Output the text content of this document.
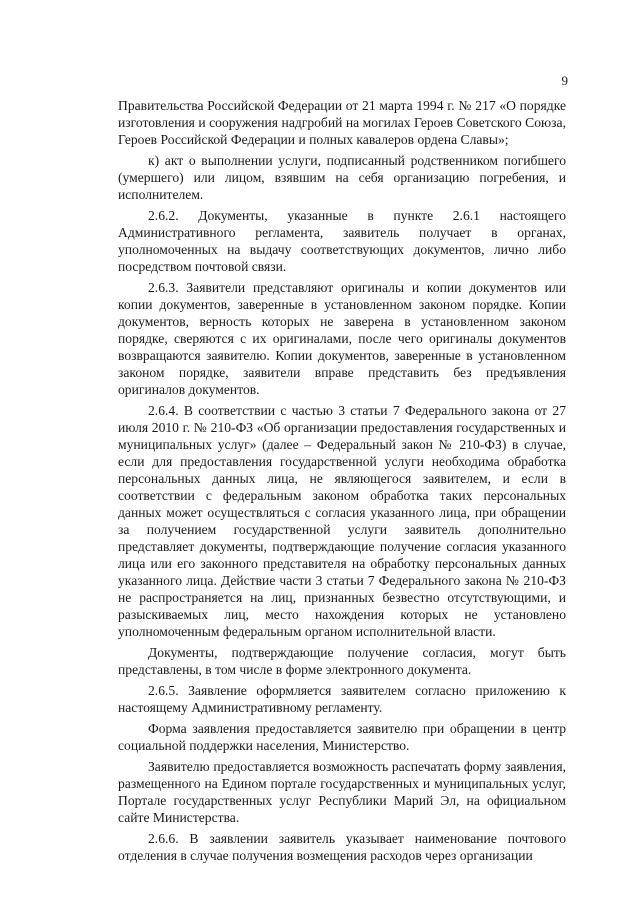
9

Правительства Российской Федерации от 21 марта 1994 г. № 217 «О порядке изготовления и сооружения надгробий на могилах Героев Советского Союза, Героев Российской Федерации и полных кавалеров ордена Славы»;

к) акт о выполнении услуги, подписанный родственником погибшего (умершего) или лицом, взявшим на себя организацию погребения, и исполнителем.

2.6.2. Документы, указанные в пункте 2.6.1 настоящего Административного регламента, заявитель получает в органах, уполномоченных на выдачу соответствующих документов, лично либо посредством почтовой связи.

2.6.3. Заявители представляют оригиналы и копии документов или копии документов, заверенные в установленном законом порядке. Копии документов, верность которых не заверена в установленном законом порядке, сверяются с их оригиналами, после чего оригиналы документов возвращаются заявителю. Копии документов, заверенные в установленном законом порядке, заявители вправе представить без предъявления оригиналов документов.

2.6.4. В соответствии с частью 3 статьи 7 Федерального закона от 27 июля 2010 г. № 210-ФЗ «Об организации предоставления государственных и муниципальных услуг» (далее – Федеральный закон № 210-ФЗ) в случае, если для предоставления государственной услуги необходима обработка персональных данных лица, не являющегося заявителем, и если в соответствии с федеральным законом обработка таких персональных данных может осуществляться с согласия указанного лица, при обращении за получением государственной услуги заявитель дополнительно представляет документы, подтверждающие получение согласия указанного лица или его законного представителя на обработку персональных данных указанного лица. Действие части 3 статьи 7 Федерального закона № 210-ФЗ не распространяется на лиц, признанных безвестно отсутствующими, и разыскиваемых лиц, место нахождения которых не установлено уполномоченным федеральным органом исполнительной власти.

Документы, подтверждающие получение согласия, могут быть представлены, в том числе в форме электронного документа.

2.6.5. Заявление оформляется заявителем согласно приложению к настоящему Административному регламенту.

Форма заявления предоставляется заявителю при обращении в центр социальной поддержки населения, Министерство.

Заявителю предоставляется возможность распечатать форму заявления, размещенного на Едином портале государственных и муниципальных услуг, Портале государственных услуг Республики Марий Эл, на официальном сайте Министерства.

2.6.6. В заявлении заявитель указывает наименование почтового отделения в случае получения возмещения расходов через организации
